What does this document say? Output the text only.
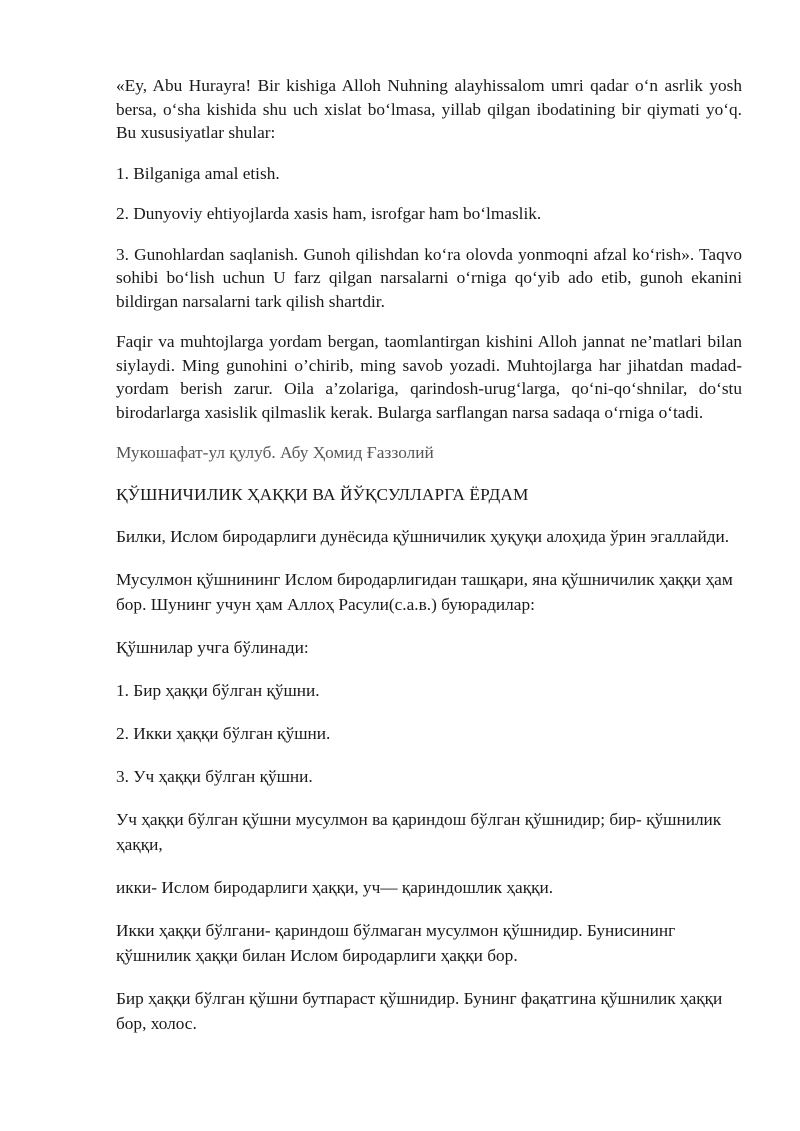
«Ey, Abu Hurayra! Bir kishiga Alloh Nuhning alayhissalom umri qadar o‘n asrlik yosh bersa, o‘sha kishida shu uch xislat bo‘lmasa, yillab qilgan ibodatining bir qiymati yo‘q. Bu xususiyatlar shular:

1. Bilganiga amal etish.

2. Dunyoviy ehtiyojlarda xasis ham, isrofgar ham bo‘lmaslik.

3. Gunohlardan saqlanish. Gunoh qilishdan ko‘ra olovda yonmoqni afzal ko‘rish». Taqvo sohibi bo‘lish uchun U farz qilgan narsalarni o‘rniga qo‘yib ado etib, gunoh ekanini bildirgan narsalarni tark qilish shartdir.

Faqir va muhtojlarga yordam bergan, taomlantirgan kishini Alloh jannat ne’matlari bilan siylaydi. Ming gunohini o’chirib, ming savob yozadi. Muhtojlarga har jihatdan madad-yordam berish zarur. Oila a’zolariga, qarindosh-urug‘larga, qo‘ni-qo‘shnilar, do‘stu birodarlarga xasislik qilmaslik kerak. Bularga sarflangan narsa sadaqa o‘rniga o‘tadi.

Мукошафат-ул қулуб. Абу Ҳомид Ғаззолий

ҚЎШНИЧИЛИК ҲАҚҚИ ВА ЙЎҚСУЛЛАРГА ЁРДАМ

Билки, Ислом биродарлиги дунёсида қўшничилик ҳуқуқи алоҳида ўрин эгаллайди.

Мусулмон қўшнининг Ислом биродарлигидан ташқари, яна қўшничилик ҳаққи ҳам бор. Шунинг учун ҳам Аллоҳ Расули(с.а.в.) буюрадилар:

Қўшнилар учга бўлинади:

1. Бир ҳаққи бўлган қўшни.

2. Икки ҳаққи бўлган қўшни.

3. Уч ҳаққи бўлган қўшни.

Уч ҳаққи бўлган қўшни мусулмон ва қариндош бўлган қўшнидир; бир- қўшнилик ҳаққи,

икки- Ислом биродарлиги ҳаққи, уч— қариндошлик ҳаққи.

Икки ҳаққи бўлгани- қариндош бўлмаган мусулмон қўшнидир. Бунисининг қўшнилик ҳаққи билан Ислом биродарлиги ҳаққи бор.

Бир ҳаққи бўлган қўшни бутпараст қўшнидир. Бунинг фақатгина қўшнилик ҳаққи бор, холос.
